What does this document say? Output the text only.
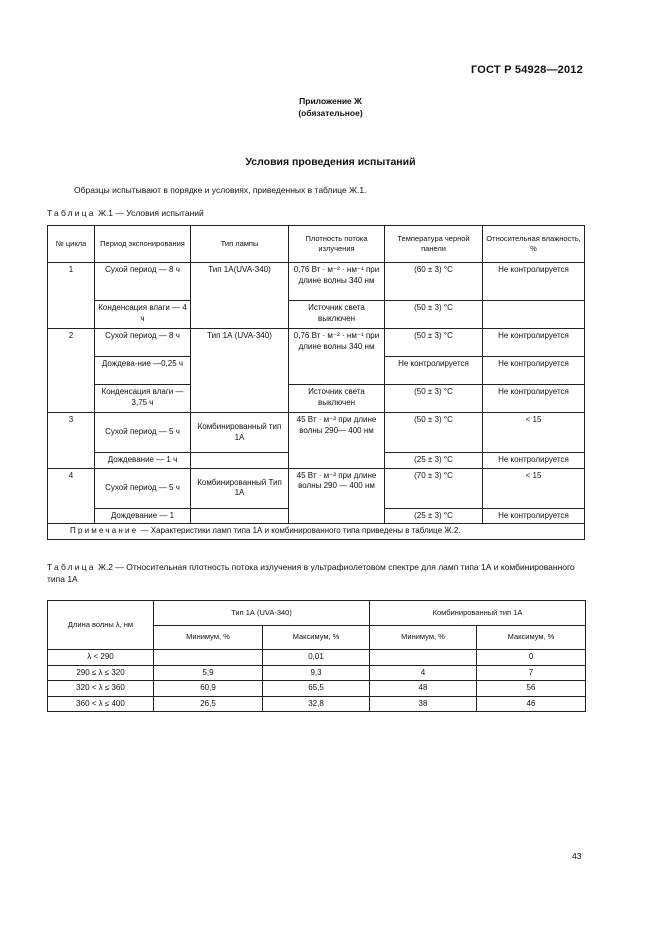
ГОСТ Р 54928—2012
Приложение Ж
(обязательное)
Условия проведения испытаний
Образцы испытывают в порядке и условиях, приведенных в таблице Ж.1.
Таблица Ж.1 — Условия испытаний
№ цикла	Период экспонирования	Тип лампы	Плотность потока излучения	Температура черной панели	Относительная влажность, %
1	Сухой период — 8 ч	Тип 1А(UVA-340)	0,76 Вт · м⁻² · нм⁻¹ при длине волны 340 нм	(60 ± 3) °С	Не контролируется
	Конденсация влаги — 4 ч		Источник света выключен	(50 ± 3) °С	
2	Сухой период — 8 ч	Тип 1А (UVA-340)	0,76 Вт · м⁻² · нм⁻¹ при длине волны 340 нм	(50 ± 3) °С	Не контролируется
	Дождева-ние —0,25 ч			Не контролируется	Не контролируется
	Конденсация влаги — 3,75 ч		Источник света выключен	(50 ± 3) °С	Не контролируется
3	Сухой период — 5 ч	Комбинированный тип 1А	45 Вт · м⁻² при длине волны 290— 400 нм	(50 ± 3) °С	< 15
	Дождевание — 1 ч			(25 ± 3) °С	Не контролируется
4	Сухой период — 5 ч	Комбинированный Тип 1А	45 Вт · м⁻² при длине волны 290 — 400 нм	(70 ± 3) °С	< 15
	Дождевание — 1			(25 ± 3) °С	Не контролируется
Примечание — Характеристики ламп типа 1А и комбинированного типа приведены в таблице Ж.2.					
Таблица Ж.2 — Относительная плотность потока излучения в ультрафиолетовом спектре для ламп типа 1А и комбинированного типа 1А
Длина волны λ, нм	Тип 1А (UVA-340)		Комбинированный тип 1А	
	Минимум, %	Максимум, %	Минимум, %	Максимум, %
λ < 290		0,01		0
290 ≤ λ ≤ 320	5,9	9,3	4	7
320 < λ ≤ 360	60,9	65,5	48	56
360 < λ ≤ 400	26,5	32,8	38	46
43
